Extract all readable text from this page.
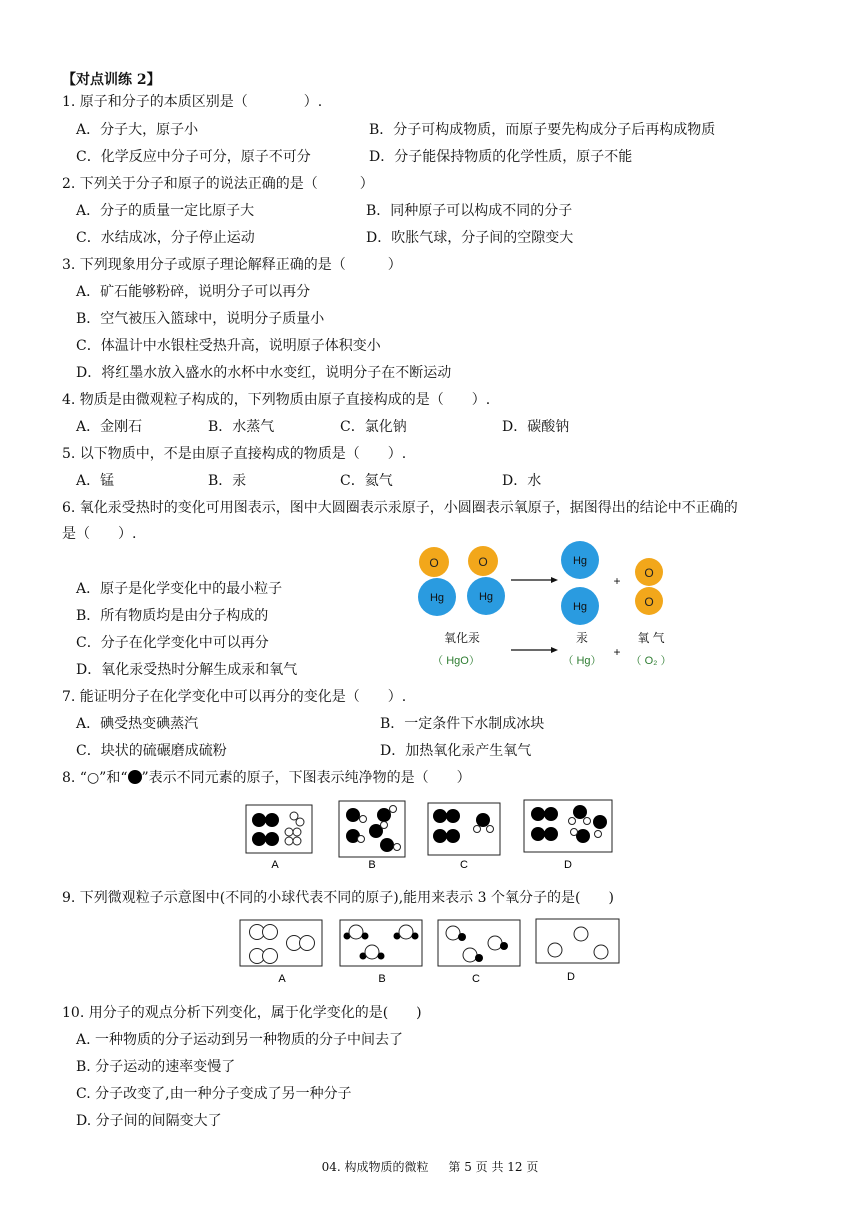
【对点训练 2】
1. 原子和分子的本质区别是（　　　　）.
A．分子大，原子小	B．分子可构成物质，而原子要先构成分子后再构成物质
C．化学反应中分子可分，原子不可分	D．分子能保持物质的化学性质，原子不能
2. 下列关于分子和原子的说法正确的是（　　　）
A．分子的质量一定比原子大	B．同种原子可以构成不同的分子
C．水结成冰，分子停止运动	D．吹胀气球，分子间的空隙变大
3. 下列现象用分子或原子理论解释正确的是（　　　）
A．矿石能够粉碎，说明分子可以再分
B．空气被压入篮球中，说明分子质量小
C．体温计中水银柱受热升高，说明原子体积变小
D．将红墨水放入盛水的水杯中水变红，说明分子在不断运动
4. 物质是由微观粒子构成的，下列物质由原子直接构成的是（　　）.
A．金刚石	B．水蒸气	C．氯化钠	D．碳酸钠
5. 以下物质中，不是由原子直接构成的物质是（　　）.
A．锰	B．汞	C．氦气	D．水
6. 氧化汞受热时的变化可用图表示，图中大圆圈表示汞原子，小圆圈表示氧原子，据图得出的结论中不正确的
是（　　）.
A．原子是化学变化中的最小粒子
B．所有物质均是由分子构成的
C．分子在化学变化中可以再分
D．氧化汞受热时分解生成汞和氧气
O
Hg
O
Hg
Hg
Hg
+
O
O
氧化汞
（ HgO）
汞
（ Hg）
+
氧 气
（ O₂ ）
7. 能证明分子在化学变化中可以再分的变化是（　　）.
A．碘受热变碘蒸汽	B．一定条件下水制成冰块
C．块状的硫碾磨成硫粉	D．加热氧化汞产生氧气
8. “○”和“ ”表示不同元素的原子，下图表示纯净物的是（　　）
A	B	C	D
9. 下列微观粒子示意图中(不同的小球代表不同的原子),能用来表示 3 个氧分子的是(　　)
A	B	C	D
10. 用分子的观点分析下列变化，属于化学变化的是(　　)
A. 一种物质的分子运动到另一种物质的分子中间去了
B. 分子运动的速率变慢了
C. 分子改变了,由一种分子变成了另一种分子
D. 分子间的间隔变大了
04. 构成物质的微粒 第 5 页 共 12 页
